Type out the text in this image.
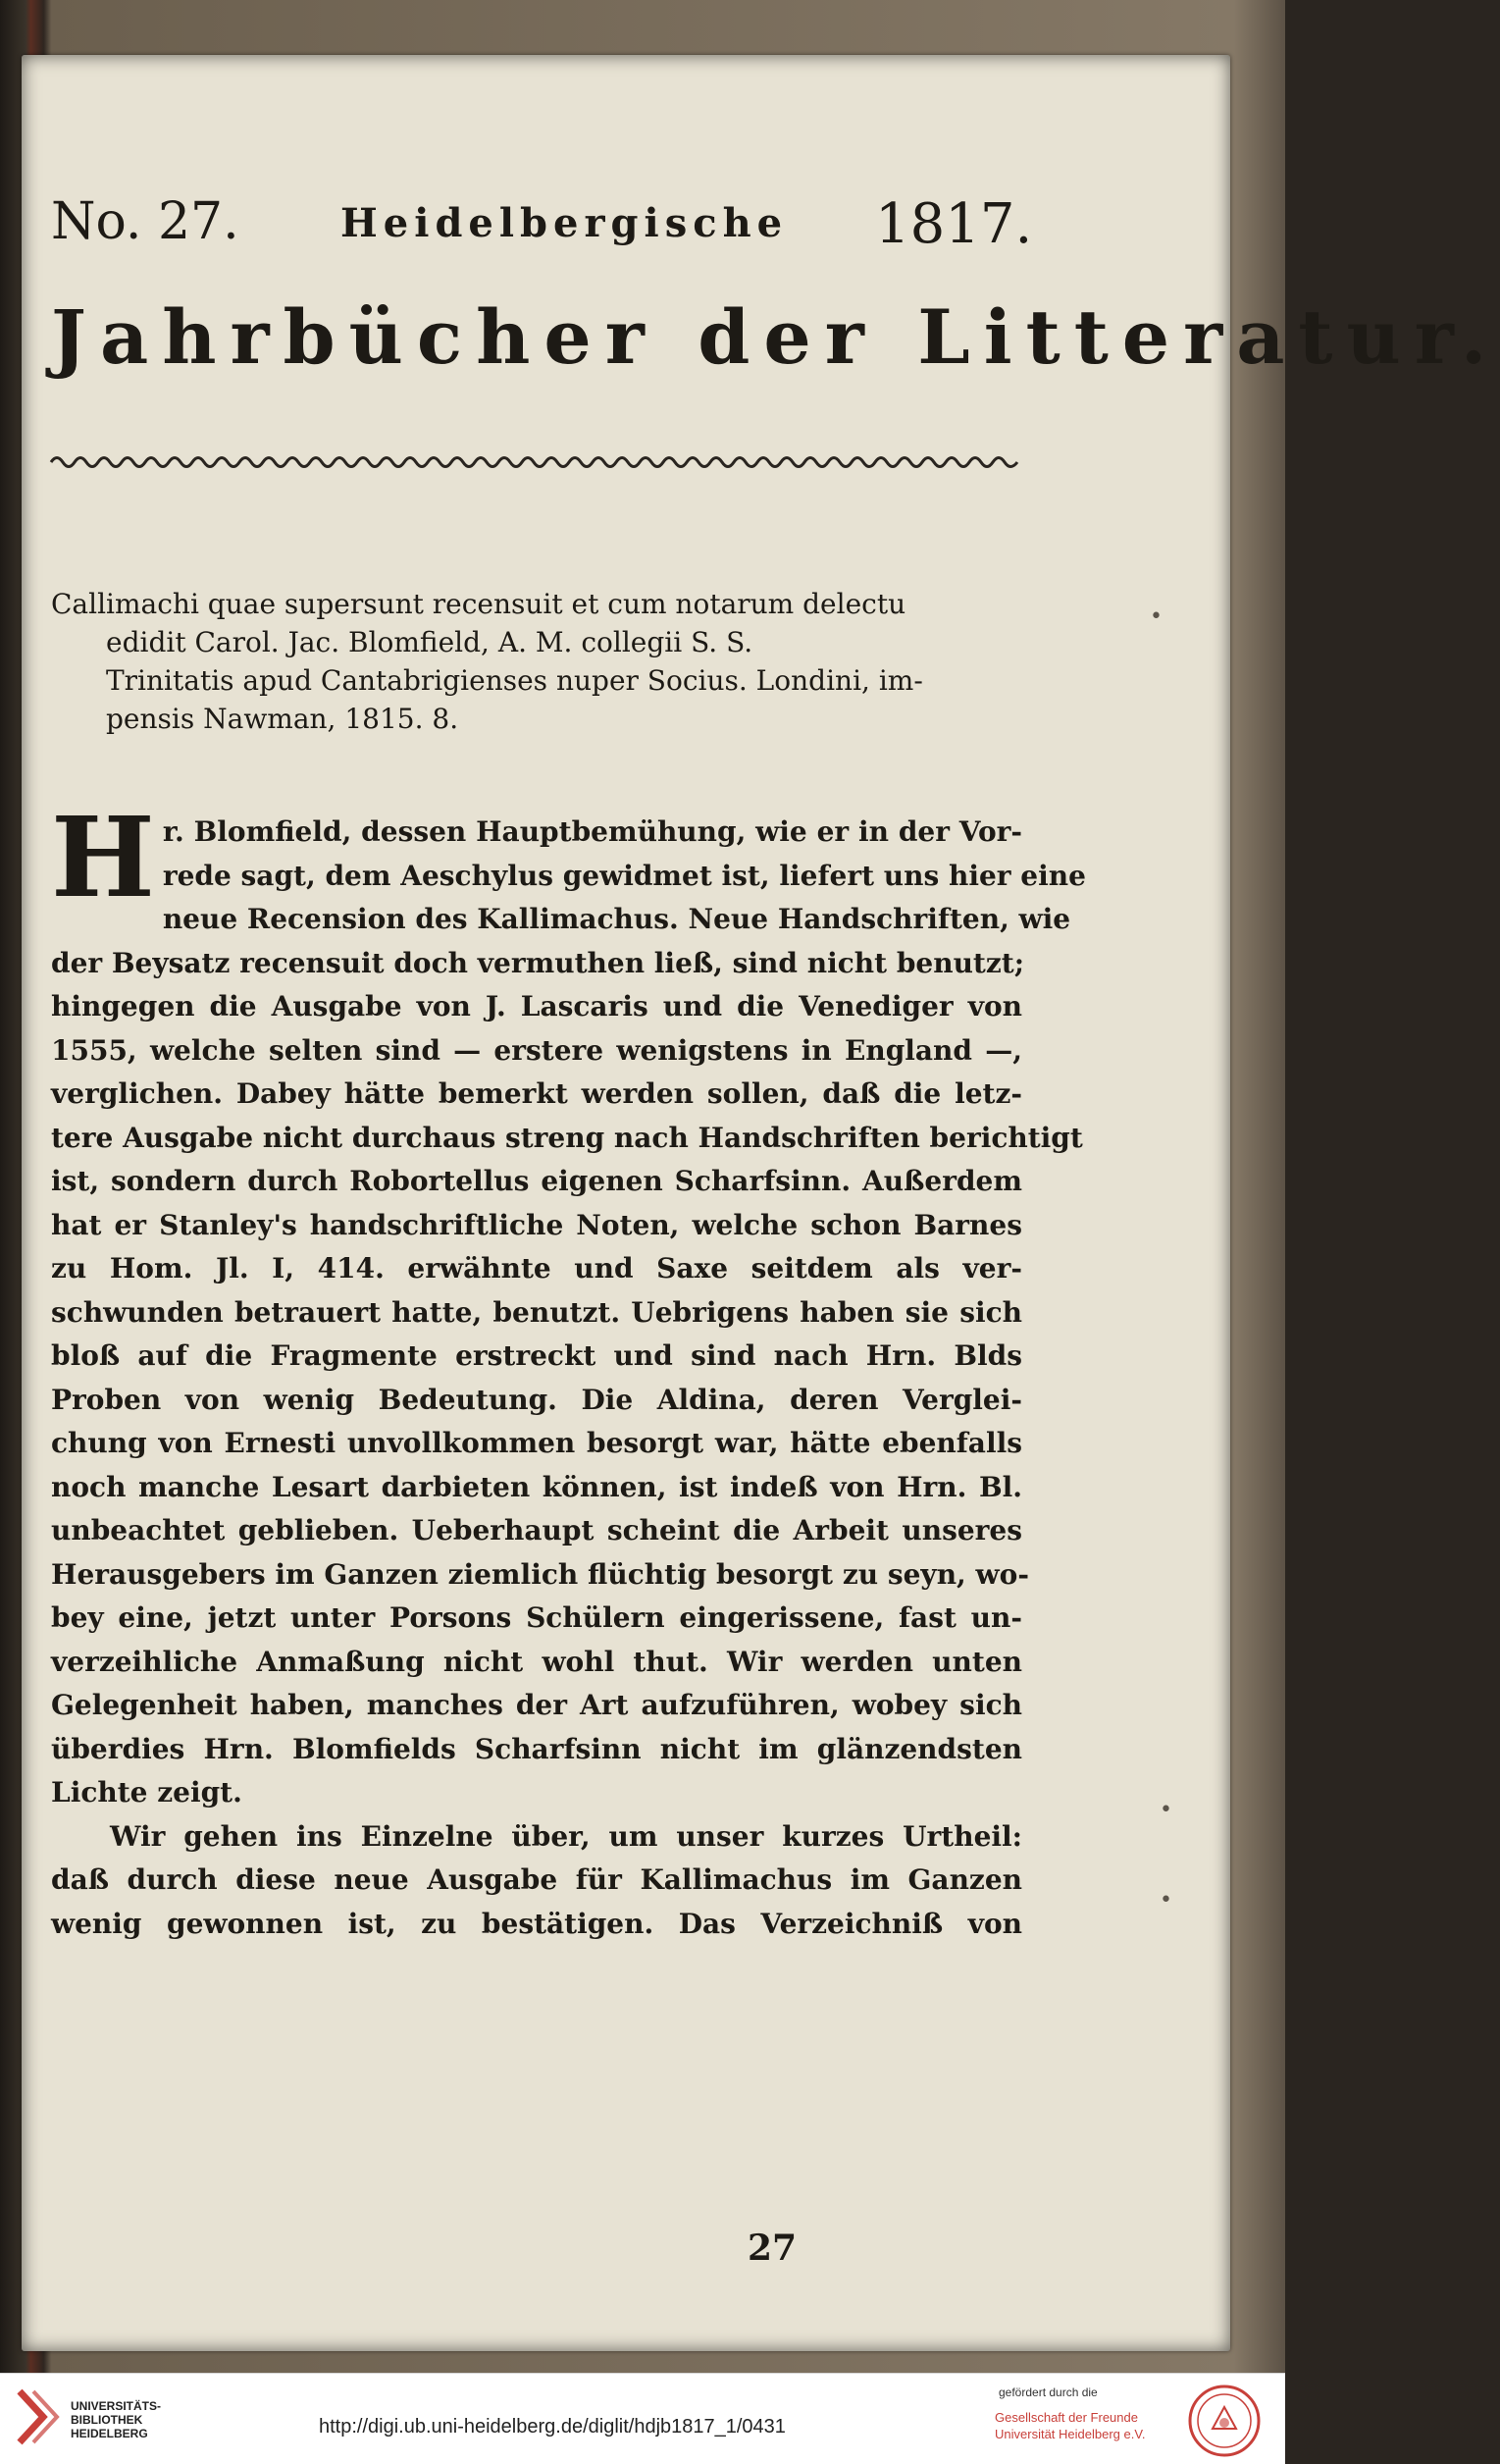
No. 27.	Heidelbergische 1817.
Jahrbücher der Litteratur.
Callimachi quae supersunt recensuit et cum notarum delectu
edidit Carol. Jac. Blomfield, A. M. collegii S. S.
Trinitatis apud Cantabrigienses nuper Socius. Londini, im-
pensis Nawman, 1815. 8.

H r. Blomfield, dessen Hauptbemühung, wie er in der Vor-
rede sagt, dem Aeschylus gewidmet ist, liefert uns hier eine
neue Recension des Kallimachus. Neue Handschriften, wie
der Beysatz recensuit doch vermuthen ließ, sind nicht benutzt;
hingegen die Ausgabe von J. Lascaris und die Venediger von
1555, welche selten sind — erstere wenigstens in England —,
verglichen. Dabey hätte bemerkt werden sollen, daß die letz-
tere Ausgabe nicht durchaus streng nach Handschriften berichtigt
ist, sondern durch Robortellus eigenen Scharfsinn. Außerdem
hat er Stanley's handschriftliche Noten, welche schon Barnes
zu Hom. Jl. I, 414. erwähnte und Saxe seitdem als ver-
schwunden betrauert hatte, benutzt. Uebrigens haben sie sich
bloß auf die Fragmente erstreckt und sind nach Hrn. Blds
Proben von wenig Bedeutung. Die Aldina, deren Verglei-
chung von Ernesti unvollkommen besorgt war, hätte ebenfalls
noch manche Lesart darbieten können, ist indeß von Hrn. Bl.
unbeachtet geblieben. Ueberhaupt scheint die Arbeit unseres
Herausgebers im Ganzen ziemlich flüchtig besorgt zu seyn, wo-
bey eine, jetzt unter Porsons Schülern eingerissene, fast un-
verzeihliche Anmaßung nicht wohl thut. Wir werden unten
Gelegenheit haben, manches der Art aufzuführen, wobey sich
überdies Hrn. Blomfields Scharfsinn nicht im glänzendsten
Lichte zeigt.

Wir gehen ins Einzelne über, um unser kurzes Urtheil:
daß durch diese neue Ausgabe für Kallimachus im Ganzen
wenig gewonnen ist, zu bestätigen. Das Verzeichniß von

27
•
•
•
UNIVERSITÄTS-
BIBLIOTHEK
HEIDELBERG	http://digi.ub.uni-heidelberg.de/diglit/hdjb1817_1/0431
gefördert durch die
Gesellschaft der Freunde
Universität Heidelberg e.V.
